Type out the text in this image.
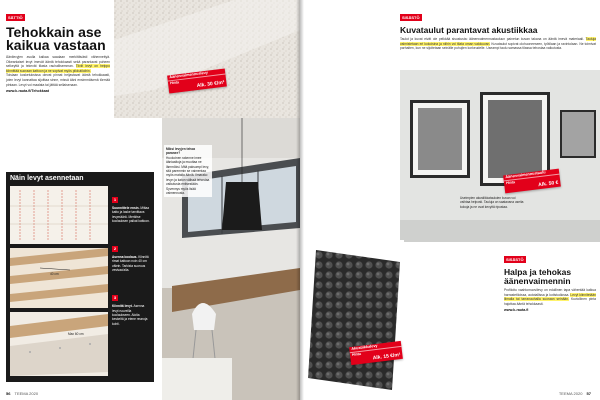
SÄTTIÖ
Tehokkain ase kaikua vastaan
Äänilevyjen avulla kaikaa saadaan merkittävästi vähennettyä. Oikeanlaiset levyt imevät ääntä tehokkaasti sekä parantavat puheen selkeyttä ja tekevät tilasta rauhallisemman. Tiiviit levyt on helppo kiinnittää suoraan kattoon ja ne sopivat myös pikkutiloihin.
Toisiaan kosketuksissa olevat pinnat heijastavat ääntä tehokkaasti, joten levyt kannattaa sijoittaa sinne, missä ääni ensimmäisenä törmää pintaan. Levyt voi maalata tai jättää sellaisenaan.
www.k-rauta.fi/Tehokkaat
Näin levyt asennetaan
40 cm
Max 60 cm
1
Suunnittele ensin. Mittaa katto ja laske tarvittava levymäärä. Merkitse koolauksen paikat kattoon.
2
Asenna koolaus. Kiinnitä rimat kattoon noin 40 cm välein. Tarkista suoruus vesivaa'alla.
3
Kiinnitä levyt. Asenna levyt ruuveilla koolaukseen. Aloita keskeltä ja etene reunoja kohti.
Äänenvaimennuslevy
Hinta	Alk. 30 €/m²
Miksi levyjen tehoa paranee?
Huokoinen rakenne imee ääniaaltoja ja muuttaa ne lämmöksi. Mitä paksumpi levy, sitä paremmin se vaimentaa myös matalia ääniä. Ilmarako levyn ja katon välissä tehostaa vaikutusta entisestään. Syvennys myös lisää vaimennusta.
56 TEEMA 2020
SISÄSTÖ
Kuvataulut parantavat akustiikkaa
Taulut ja kuvat eivät ole pelkkää sisustusta: äänenvaimennustauluun painetun kuvan takana on ääntä imevä materiaali. Tauluja valmistetaan eri kokoisina ja niihin voi tilata oman valokuvan. Kuvataulut sopivat olohuoneeseen, työtilaan ja ravintolaan. Ne toimivat parhaiten, kun ne sijoitetaan seinälle puhujien korkeudelle. Useampi taulu samassa tilassa tehostaa vaikutusta.
Useimpien akustiikkatauluien kuvan voi vaihtaa helposti. Tauluja on saatavana useita kokoja ja ne ovat kevyitä ripustaa.
Äänenvaimennustaulu
Hinta	Alk. 50 €
Akustiikkalevy
Hinta	Alk. 15 €/m²
SISÄSTÖ
Halpa ja tehokas äänenvaimennin
Profiloitu vaahtomuovilevy on edullinen tapa vähentää kaikua harrastetiloissa, autotallissa ja kotistudiossa. Levyt kiinnitetään liimalla tai tarranauhalla suoraan seinään. Kuviollinen pinta hajottaa ääntä tehokkaasti.
www.k-rauta.fi
TEEMA 2020 57
